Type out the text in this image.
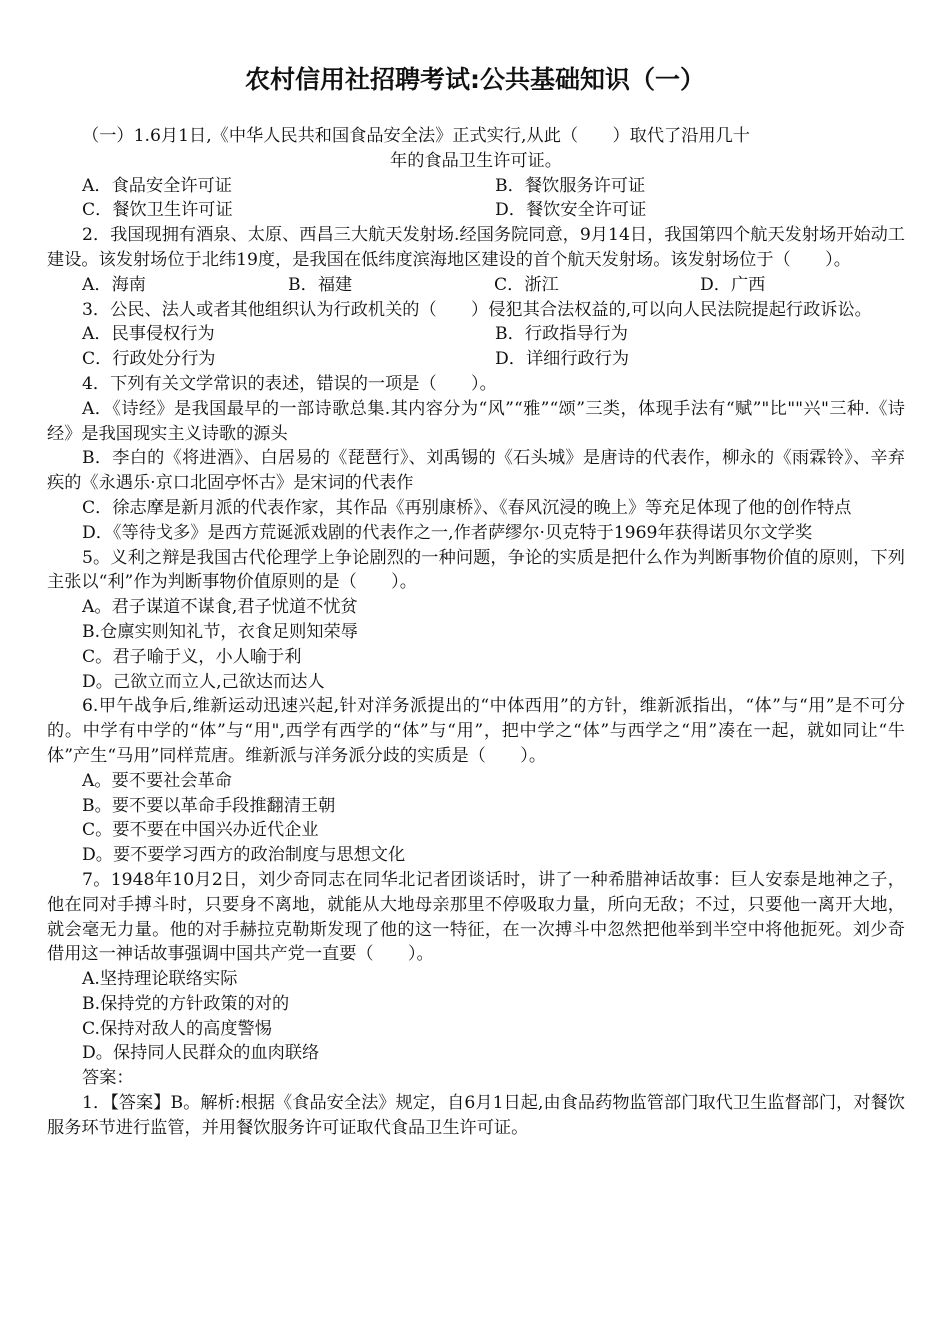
农村信用社招聘考试:公共基础知识（一）

（一）1.6月1日,《中华人民共和国食品安全法》正式实行,从此（　　）取代了沿用几十

年的食品卫生许可证。

A．食品安全许可证	B．餐饮服务许可证
C．餐饮卫生许可证	D．餐饮安全许可证

2．我国现拥有酒泉、太原、西昌三大航天发射场.经国务院同意，9月14日，我国第四个航天发射场开始动工建设。该发射场位于北纬19度，是我国在低纬度滨海地区建设的首个航天发射场。该发射场位于（　　）。

A．海南	B．福建	C．浙江	D．广西

3．公民、法人或者其他组织认为行政机关的（　　）侵犯其合法权益的,可以向人民法院提起行政诉讼。

A．民事侵权行为	B．行政指导行为
C．行政处分行为	D．详细行政行为

4．下列有关文学常识的表述，错误的一项是（　　）。

A．《诗经》是我国最早的一部诗歌总集.其内容分为“风”“雅”“颂”三类，体现手法有“赋”"比""兴"三种.《诗经》是我国现实主义诗歌的源头

B．李白的《将进酒》、白居易的《琵琶行》、刘禹锡的《石头城》是唐诗的代表作，柳永的《雨霖铃》、辛弃疾的《永遇乐·京口北固亭怀古》是宋词的代表作

C．徐志摩是新月派的代表作家，其作品《再别康桥》、《春风沉浸的晚上》等充足体现了他的创作特点

D．《等待戈多》是西方荒诞派戏剧的代表作之一,作者萨缪尔·贝克特于1969年获得诺贝尔文学奖

5。义利之辩是我国古代伦理学上争论剧烈的一种问题，争论的实质是把什么作为判断事物价值的原则，下列主张以“利”作为判断事物价值原则的是（　　）。

A。君子谋道不谋食,君子忧道不忧贫

B.仓廪实则知礼节，衣食足则知荣辱

C。君子喻于义，小人喻于利

D。己欲立而立人,己欲达而达人

6.甲午战争后,维新运动迅速兴起,针对洋务派提出的“中体西用”的方针，维新派指出，“体”与“用”是不可分的。中学有中学的“体”与“用",西学有西学的“体”与“用”，把中学之“体”与西学之“用”凑在一起，就如同让“牛体”产生“马用”同样荒唐。维新派与洋务派分歧的实质是（　　）。

A。要不要社会革命

B。要不要以革命手段推翻清王朝

C。要不要在中国兴办近代企业

D。要不要学习西方的政治制度与思想文化

7。1948年10月2日，刘少奇同志在同华北记者团谈话时，讲了一种希腊神话故事：巨人安泰是地神之子，他在同对手搏斗时，只要身不离地，就能从大地母亲那里不停吸取力量，所向无敌；不过，只要他一离开大地，就会毫无力量。他的对手赫拉克勒斯发现了他的这一特征，在一次搏斗中忽然把他举到半空中将他扼死。刘少奇借用这一神话故事强调中国共产党一直要（　　）。

A.坚持理论联络实际

B.保持党的方针政策的对的

C.保持对敌人的高度警惕

D。保持同人民群众的血肉联络

答案：

1．【答案】B。解析:根据《食品安全法》规定，自6月1日起,由食品药物监管部门取代卫生监督部门，对餐饮服务环节进行监管，并用餐饮服务许可证取代食品卫生许可证。
